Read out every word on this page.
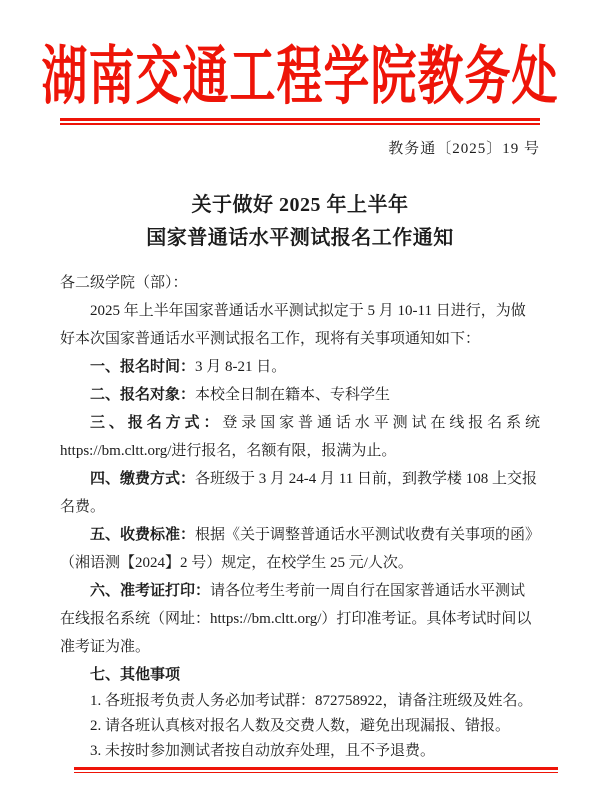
湖南交通工程学院教务处
教务通〔2025〕19 号
关于做好 2025 年上半年
国家普通话水平测试报名工作通知

各二级学院（部）：

2025 年上半年国家普通话水平测试拟定于 5 月 10-11 日进行，为做好本次国家普通话水平测试报名工作，现将有关事项通知如下：

一、报名时间：3 月 8-21 日。

二、报名对象：本校全日制在籍本、专科学生

三、报名方式：登录国家普通话水平测试在线报名系统https://bm.cltt.org/进行报名，名额有限，报满为止。

四、缴费方式：各班级于 3 月 24-4 月 11 日前，到教学楼 108 上交报名费。

五、收费标准：根据《关于调整普通话水平测试收费有关事项的函》（湘语测【2024】2 号）规定，在校学生 25 元/人次。

六、准考证打印：请各位考生考前一周自行在国家普通话水平测试在线报名系统（网址：https://bm.cltt.org/）打印准考证。具体考试时间以准考证为准。

七、其他事项

1. 各班报考负责人务必加考试群：872758922，请备注班级及姓名。

2. 请各班认真核对报名人数及交费人数，避免出现漏报、错报。

3. 未按时参加测试者按自动放弃处理，且不予退费。
